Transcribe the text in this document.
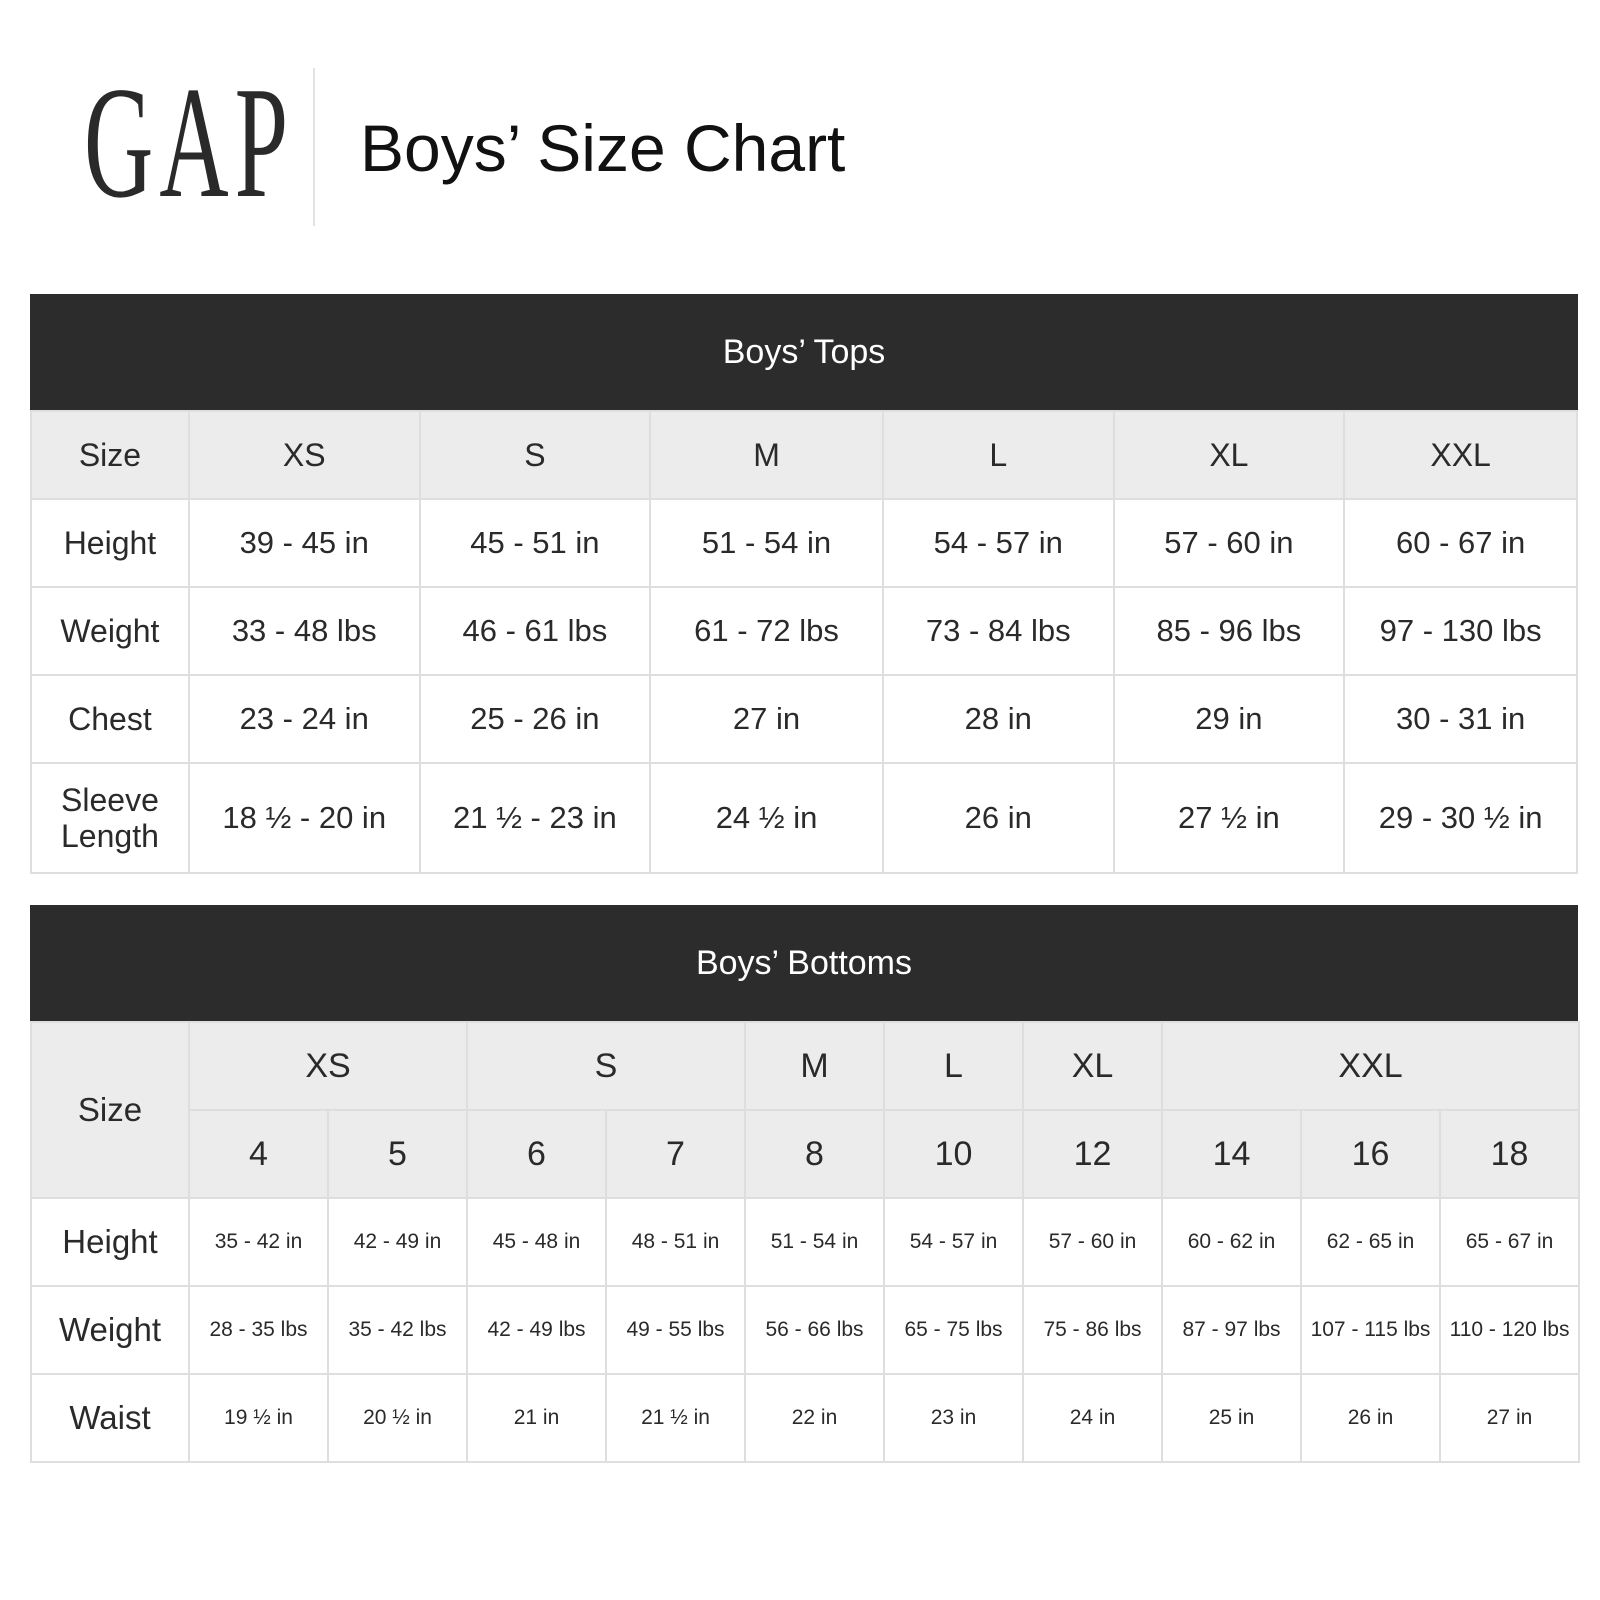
GAP Boys’ Size Chart
Boys’ Tops
Size	XS	S	M	L	XL	XXL
Height	39 - 45 in	45 - 51 in	51 - 54 in	54 - 57 in	57 - 60 in	60 - 67 in
Weight	33 - 48 lbs	46 - 61 lbs	61 - 72 lbs	73 - 84 lbs	85 - 96 lbs	97 - 130 lbs
Chest	23 - 24 in	25 - 26 in	27 in	28 in	29 in	30 - 31 in
Sleeve
Length	18 ½ - 20 in	21 ½ - 23 in	24 ½ in	26 in	27 ½ in	29 - 30 ½ in
Boys’ Bottoms
Size	XS		S		M	L	XL	XXL		
	4	5	6	7	8	10	12	14	16	18
Height	35 - 42 in	42 - 49 in	45 - 48 in	48 - 51 in	51 - 54 in	54 - 57 in	57 - 60 in	60 - 62 in	62 - 65 in	65 - 67 in
Weight	28 - 35 lbs	35 - 42 lbs	42 - 49 lbs	49 - 55 lbs	56 - 66 lbs	65 - 75 lbs	75 - 86 lbs	87 - 97 lbs	107 - 115 lbs	110 - 120 lbs
Waist	19 ½ in	20 ½ in	21 in	21 ½ in	22 in	23 in	24 in	25 in	26 in	27 in
